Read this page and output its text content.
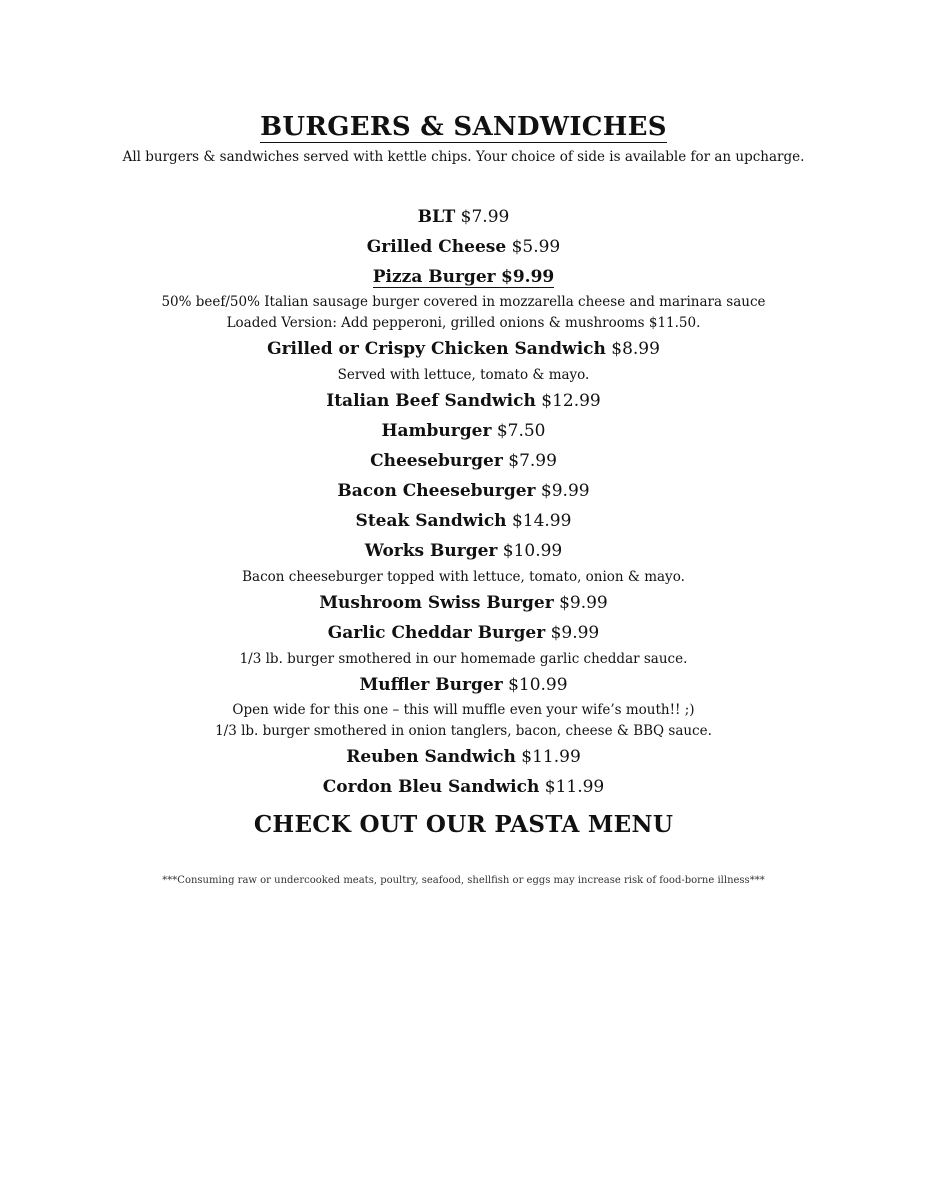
BURGERS & SANDWICHES
All burgers & sandwiches served with kettle chips. Your choice of side is available for an upcharge.
BLT $7.99
Grilled Cheese $5.99
Pizza Burger $9.99
50% beef/50% Italian sausage burger covered in mozzarella cheese and marinara sauce
Loaded Version: Add pepperoni, grilled onions & mushrooms $11.50.
Grilled or Crispy Chicken Sandwich $8.99
Served with lettuce, tomato & mayo.
Italian Beef Sandwich $12.99
Hamburger $7.50
Cheeseburger $7.99
Bacon Cheeseburger $9.99
Steak Sandwich $14.99
Works Burger $10.99
Bacon cheeseburger topped with lettuce, tomato, onion & mayo.
Mushroom Swiss Burger $9.99
Garlic Cheddar Burger $9.99
1/3 lb. burger smothered in our homemade garlic cheddar sauce.
Muffler Burger $10.99
Open wide for this one – this will muffle even your wife’s mouth!! ;)
1/3 lb. burger smothered in onion tanglers, bacon, cheese & BBQ sauce.
Reuben Sandwich $11.99
Cordon Bleu Sandwich $11.99
CHECK OUT OUR PASTA MENU
***Consuming raw or undercooked meats, poultry, seafood, shellfish or eggs may increase risk of food-borne illness***
